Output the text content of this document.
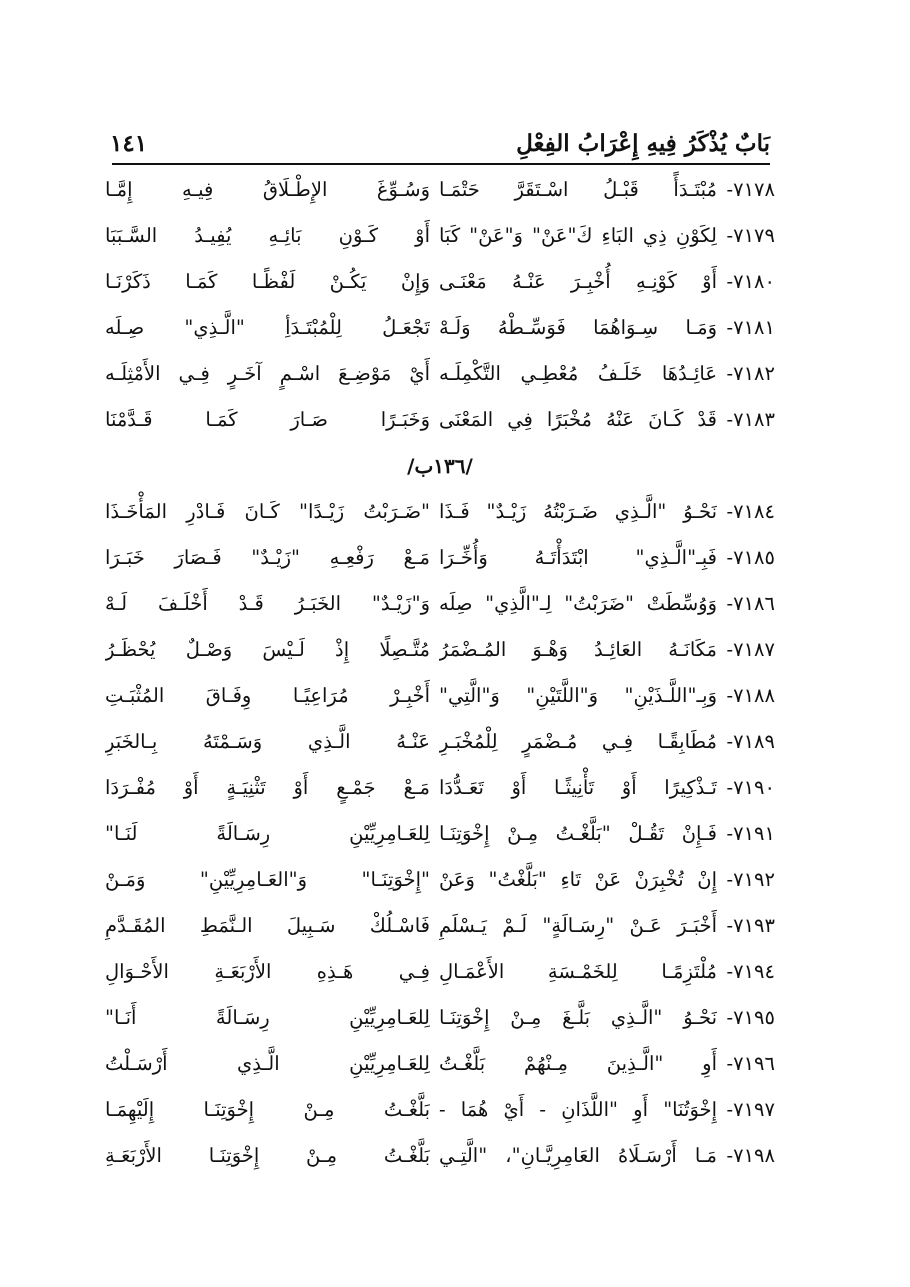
بَابٌ يُذْكَرُ فِيهِ إِعْرَابُ الفِعْلِ
١٤١
٧١٧٨-
مُبْتَـدَأً قَبْـلُ اسْـتَقَرَّ حَتْمَـا
وَسُـوِّغَ الإِطْـلَاقُ فِيـهِ إِمَّـا
٧١٧٩-
لِكَوْنِ ذِي البَاءِ كَ"عَنْ" وَ"عَنْ" كَبَا
أَوْ كَـوْنِ بَائِـهِ يُفِيـدُ السَّـبَبَا
٧١٨٠-
أَوْ كَوْنِـهِ أُخْبِـرَ عَنْـهُ مَعْنَـى
وَإِنْ يَكُـنْ لَفْظًـا كَمَـا ذَكَرْنَـا
٧١٨١-
وَمَـا سِـوَاهُمَا فَوَسِّـطْهُ وَلَـهْ
تَجْعَـلُ لِلْمُبْتَـدَأِ "الَّـذِي" صِـلَه
٧١٨٢-
عَائِـدُهَا خَلَـفُ مُعْطِـي التَّكْمِلَـه
أَيْ مَوْضِـعَ اسْـمٍ آخَـرٍ فِـي الأَمْثِلَـه
٧١٨٣-
قَدْ كَـانَ عَنْهُ مُخْبَرًا فِي المَعْنَى
وَخَبَـرًا صَـارَ كَمَـا قَـدَّمْنَا
/١٣٦ب/
٧١٨٤-
نَحْـوُ "الَّـذِي ضَـرَبْتُهُ زَيْـدٌ" فَـذَا
"ضَـرَبْتُ زَيْـدًا" كَـانَ فَـادْرِ المَأْخَـذَا
٧١٨٥-
فَبِـ"الَّـذِي" ابْتَدَأْتَـهُ وَأُخِّـرَا
مَـعْ رَفْعِـهِ "زَيْـدٌ" فَـصَارَ خَبَـرَا
٧١٨٦-
وَوُسِّطَتْ "ضَرَبْتُ" لِـ"الَّذِي" صِلَه
وَ"زَيْـدٌ" الخَبَـرُ قَـدْ أَخْلَـفَ لَـهْ
٧١٨٧-
مَكَانَـهُ العَائِـدُ وَهْـوَ المُـضْمَرُ
مُتَّـصِلًا إِذْ لَـيْسَ وَصْـلٌ يُحْظَـرُ
٧١٨٨-
وَبِـ"اللَّـذَيْنِ" وَ"اللَّتَيْنِ" وَ"الَّتِي"
أَخْبِـرْ مُرَاعِيًـا وِفَـاقَ المُثْبَـتِ
٧١٨٩-
مُطَابِقًـا فِـي مُـضْمَرٍ لِلْمُخْبَـرِ
عَنْـهُ الَّـذِي وَسَـمْتَهُ بِـالخَبَرِ
٧١٩٠-
تَـذْكِيرًا أَوْ تَأْنِيثًـا أَوْ تَعَـدُّدَا
مَـعْ جَمْـعٍ أَوْ تَثْنِيَـةٍ أَوْ مُفْـرَدَا
٧١٩١-
فَـإِنْ تَقُـلْ "بَلَّغْـتُ مِـنْ إِخْوَتِنَـا
لِلعَـامِرِيِّيْنِ رِسَـالَةً لَنَـا"
٧١٩٢-
إِنْ تُخْبِرَنْ عَنْ تَاءِ "بَلَّغْتُ" وَعَنْ
"إِخْوَتِنَـا" وَ"العَـامِرِيِّيْنِ" وَمَـنْ
٧١٩٣-
أَخْبَـرَ عَـنْ "رِسَـالَةٍ" لَـمْ يَـسْلَمِ
فَاسْـلُكْ سَـبِيلَ الـنَّمَطِ المُقَـدَّمِ
٧١٩٤-
مُلْتَزِمًـا لِلخَمْـسَةِ الأَعْمَـالِ
فِـي هَـذِهِ الأَرْبَعَـةِ الأَحْـوَالِ
٧١٩٥-
نَحْـوُ "الَّـذِي بَلَّـغَ مِـنْ إِخْوَتِنَـا
لِلعَـامِرِيِّيْنِ رِسَـالَةً أَنَـا"
٧١٩٦-
أَوِ "الَّـذِينَ مِـنْهُمْ بَلَّغْـتُ
لِلعَـامِرِيِّيْنِ الَّـذِي أَرْسَـلْتُ
٧١٩٧-
إِخْوَتُنَا" أَوِ "اللَّذَانِ - أَيْ هُمَا -
بَلَّغْـتُ مِـنْ إِخْوَتِنَـا إِلَيْهِمَـا
٧١٩٨-
مَـا أَرْسَـلَاهُ العَامِرِيَّـانِ"، "الَّتِـي
بَلَّغْـتُ مِـنْ إِخْوَتِنَـا الأَرْبَعَـةِ
